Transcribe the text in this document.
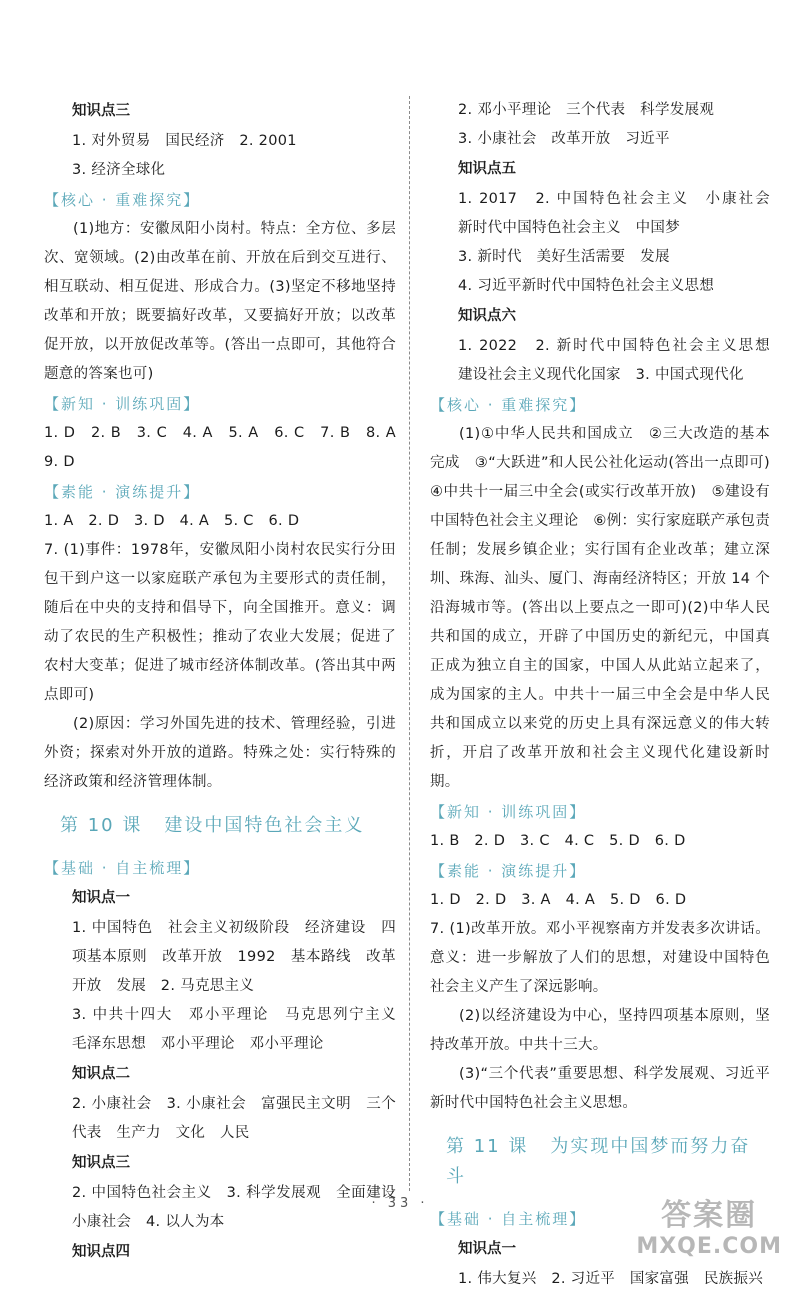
知识点三

1. 对外贸易　国民经济　2. 2001

3. 经济全球化

【核心 · 重难探究】

(1)地方：安徽凤阳小岗村。特点：全方位、多层次、宽领域。(2)由改革在前、开放在后到交互进行、相互联动、相互促进、形成合力。(3)坚定不移地坚持改革和开放；既要搞好改革，又要搞好开放；以改革促开放，以开放促改革等。(答出一点即可，其他符合题意的答案也可)

【新知 · 训练巩固】

1. D　2. B　3. C　4. A　5. A　6. C　7. B　8. A　9. D

【素能 · 演练提升】

1. A　2. D　3. D　4. A　5. C　6. D

7. (1)事件：1978年，安徽凤阳小岗村农民实行分田包干到户这一以家庭联产承包为主要形式的责任制，随后在中央的支持和倡导下，向全国推开。意义：调动了农民的生产积极性；推动了农业大发展；促进了农村大变革；促进了城市经济体制改革。(答出其中两点即可)

(2)原因：学习外国先进的技术、管理经验，引进外资；探索对外开放的道路。特殊之处：实行特殊的经济政策和经济管理体制。

第 10 课 建设中国特色社会主义

【基础 · 自主梳理】

知识点一

1. 中国特色　社会主义初级阶段　经济建设　四项基本原则　改革开放　1992　基本路线　改革开放　发展　2. 马克思主义

3. 中共十四大　邓小平理论　马克思列宁主义　毛泽东思想　邓小平理论　邓小平理论

知识点二

2. 小康社会　3. 小康社会　富强民主文明　三个代表　生产力　文化　人民

知识点三

2. 中国特色社会主义　3. 科学发展观　全面建设小康社会　4. 以人为本

知识点四

2. 邓小平理论　三个代表　科学发展观

3. 小康社会　改革开放　习近平

知识点五

1. 2017　2. 中国特色社会主义　小康社会　新时代中国特色社会主义　中国梦

3. 新时代　美好生活需要　发展

4. 习近平新时代中国特色社会主义思想

知识点六

1. 2022　2. 新时代中国特色社会主义思想　建设社会主义现代化国家　3. 中国式现代化

【核心 · 重难探究】

(1)①中华人民共和国成立　②三大改造的基本完成　③“大跃进”和人民公社化运动(答出一点即可)　④中共十一届三中全会(或实行改革开放)　⑤建设有中国特色社会主义理论　⑥例：实行家庭联产承包责任制；发展乡镇企业；实行国有企业改革；建立深圳、珠海、汕头、厦门、海南经济特区；开放 14 个沿海城市等。(答出以上要点之一即可)(2)中华人民共和国的成立，开辟了中国历史的新纪元，中国真正成为独立自主的国家，中国人从此站立起来了，成为国家的主人。中共十一届三中全会是中华人民共和国成立以来党的历史上具有深远意义的伟大转折，开启了改革开放和社会主义现代化建设新时期。

【新知 · 训练巩固】

1. B　2. D　3. C　4. C　5. D　6. D

【素能 · 演练提升】

1. D　2. D　3. A　4. A　5. D　6. D

7. (1)改革开放。邓小平视察南方并发表多次讲话。意义：进一步解放了人们的思想，对建设中国特色社会主义产生了深远影响。

(2)以经济建设为中心，坚持四项基本原则，坚持改革开放。中共十三大。

(3)“三个代表”重要思想、科学发展观、习近平新时代中国特色社会主义思想。

第 11 课 为实现中国梦而努力奋斗

【基础 · 自主梳理】

知识点一

1. 伟大复兴　2. 习近平　国家富强　民族振兴

· 33 ·	答案圈
MXQE.COM
